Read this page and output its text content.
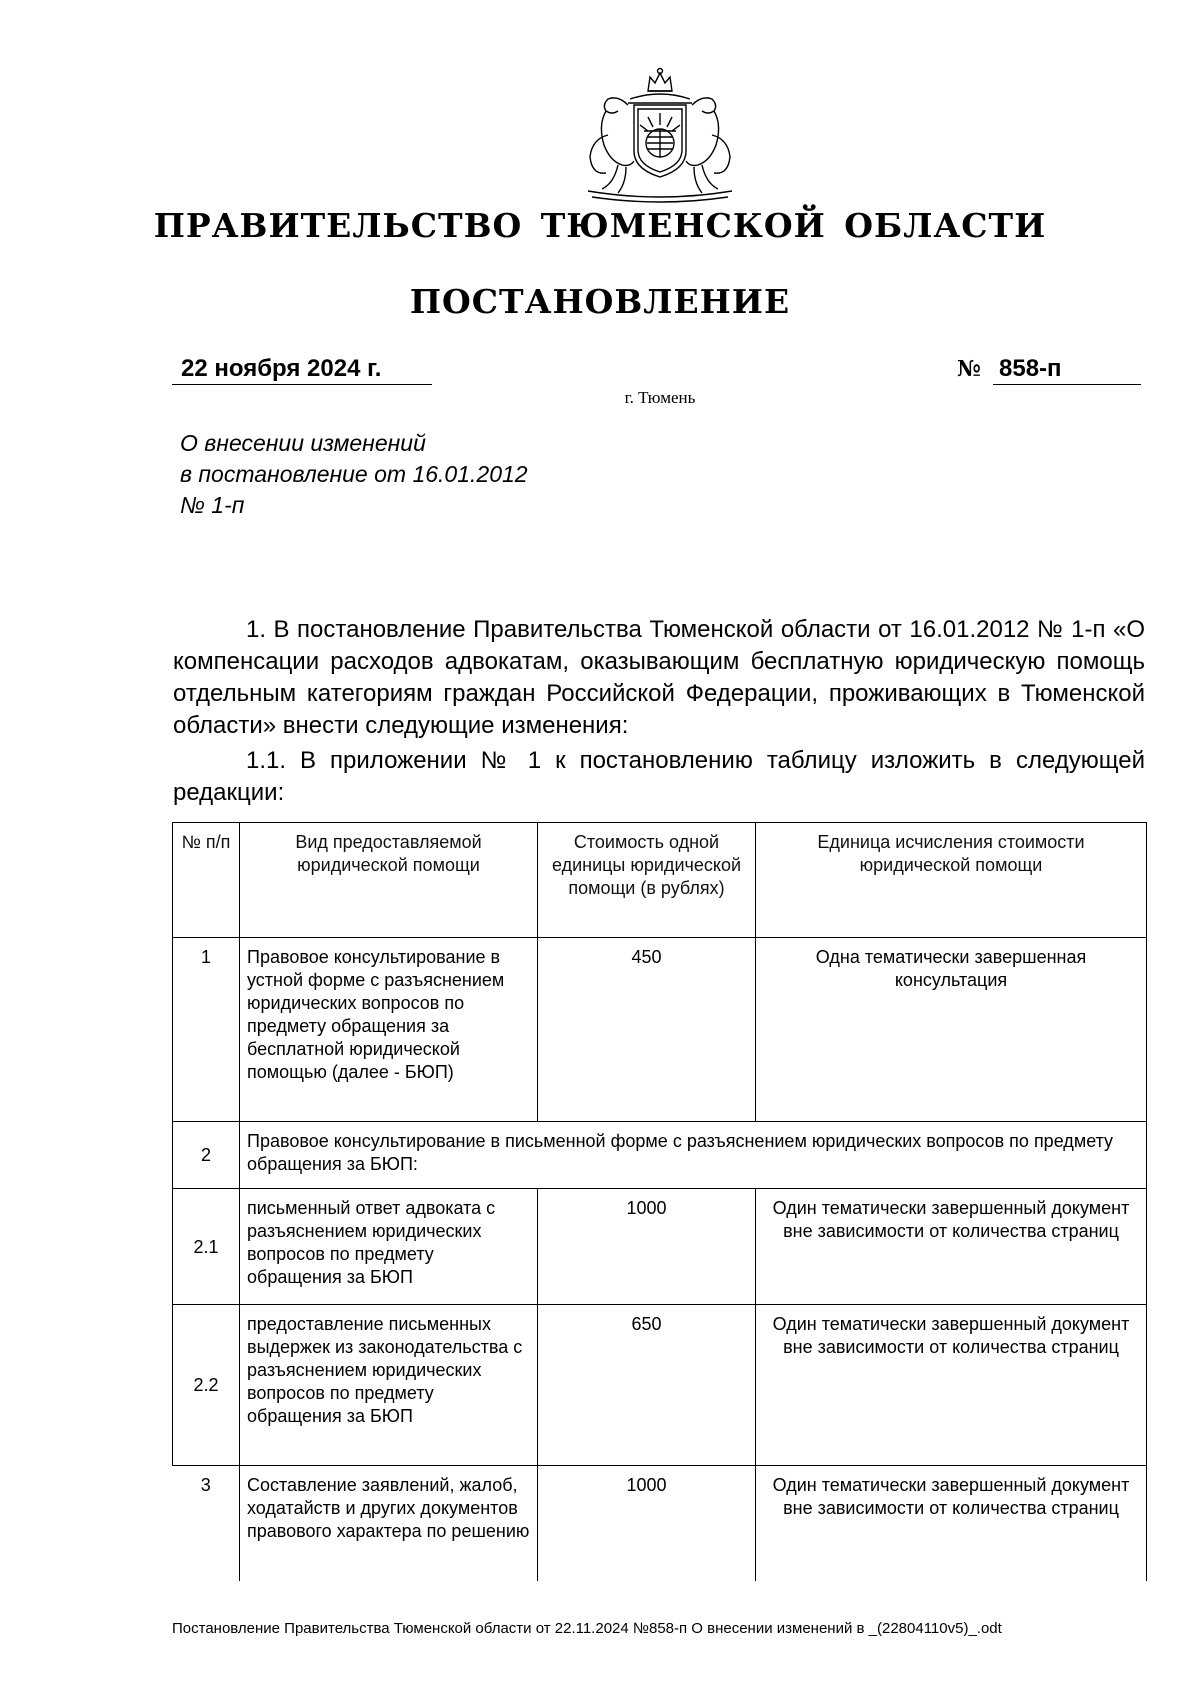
ПРАВИТЕЛЬСТВО ТЮМЕНСКОЙ ОБЛАСТИ
ПОСТАНОВЛЕНИЕ
22 ноября 2024 г.	№ 858-п
г. Тюмень
О внесении изменений
в постановление от 16.01.2012
№ 1-п

1. В постановление Правительства Тюменской области от 16.01.2012 № 1-п «О компенсации расходов адвокатам, оказывающим бесплатную юридическую помощь отдельным категориям граждан Российской Федерации, проживающих в Тюменской области» внести следующие изменения:

1.1. В приложении № 1 к постановлению таблицу изложить в следующей редакции:

№ п/п	Вид предоставляемой юридической помощи	Стоимость одной единицы юридической помощи (в рублях)	Единица исчисления стоимости юридической помощи
1	Правовое консультирование в устной форме с разъяснением юридических вопросов по предмету обращения за бесплатной юридической помощью (далее - БЮП)	450	Одна тематически завершенная консультация
2	Правовое консультирование в письменной форме с разъяснением юридических вопросов по предмету обращения за БЮП:		
2.1	письменный ответ адвоката с разъяснением юридических вопросов по предмету обращения за БЮП	1000	Один тематически завершенный документ вне зависимости от количества страниц
2.2	предоставление письменных выдержек из законодательства с разъяснением юридических вопросов по предмету обращения за БЮП	650	Один тематически завершенный документ вне зависимости от количества страниц
3	Составление заявлений, жалоб, ходатайств и других документов правового характера по решению	1000	Один тематически завершенный документ вне зависимости от количества страниц
Постановление Правительства Тюменской области от 22.11.2024 №858-п О внесении изменений в _(22804110v5)_.odt
